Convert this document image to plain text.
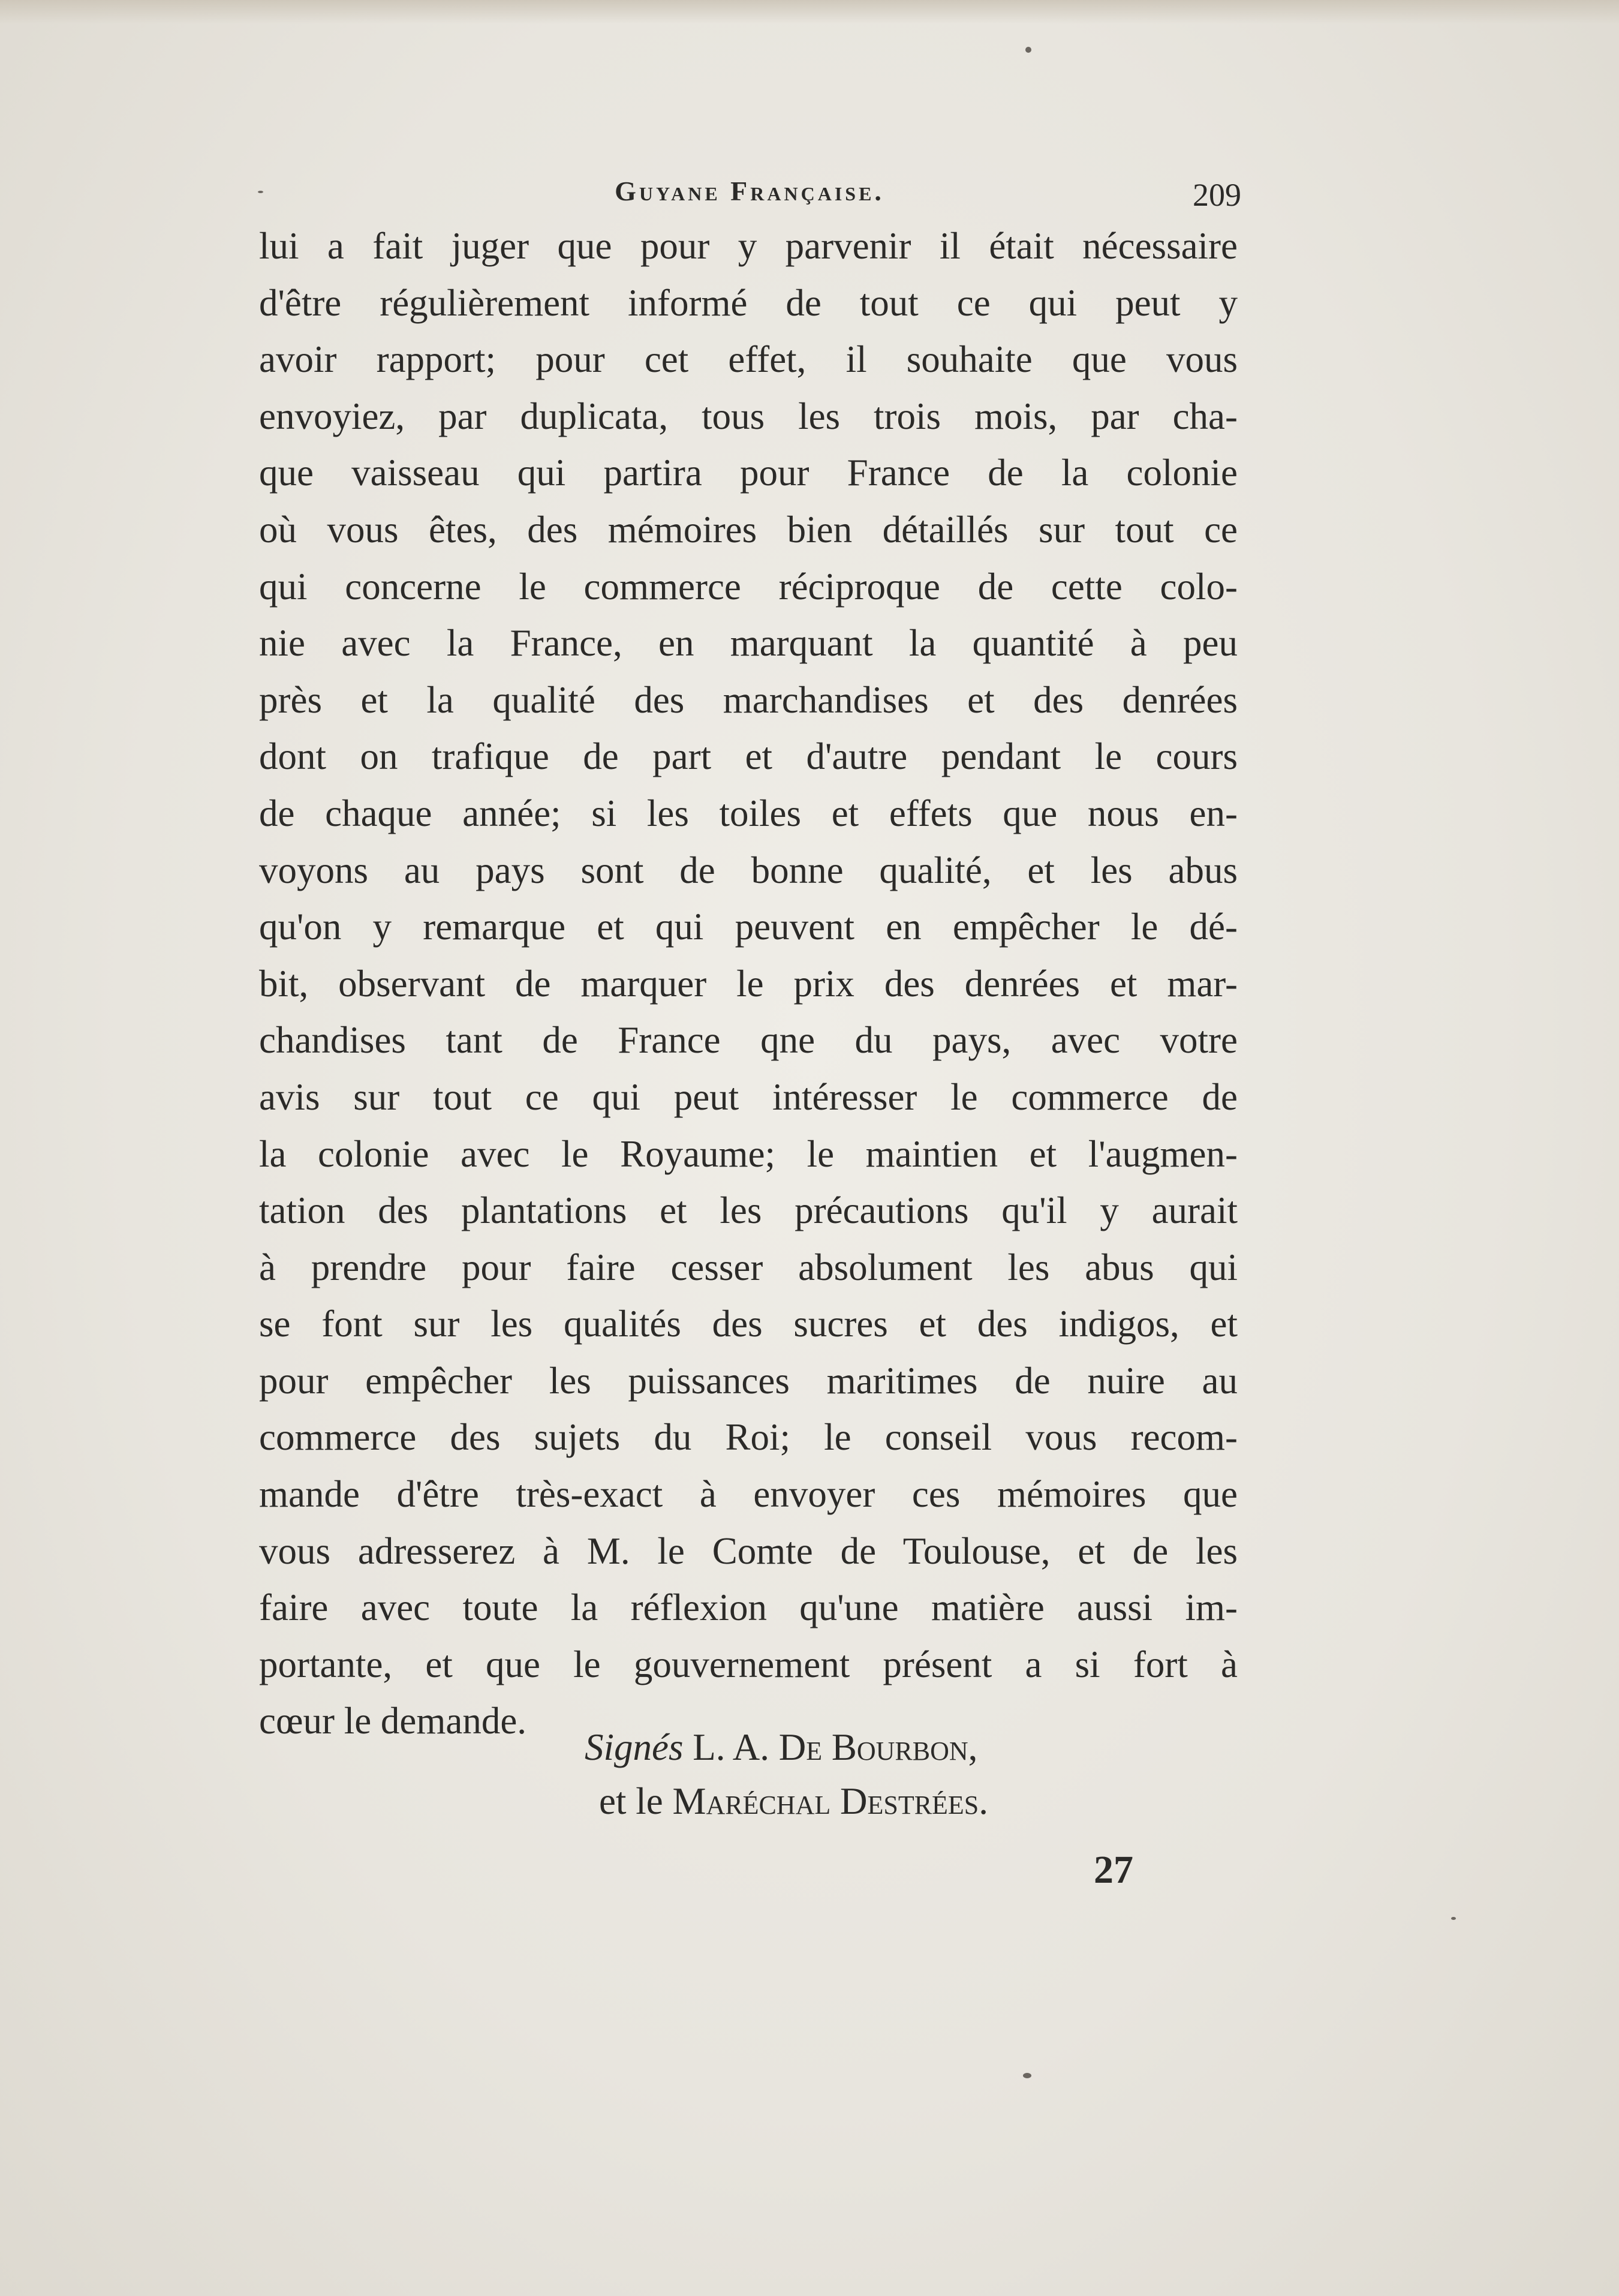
Guyane Française.	209
lui a fait juger que pour y parvenir il était nécessaire
d'être régulièrement informé de tout ce qui peut y
avoir rapport; pour cet effet, il souhaite que vous
envoyiez, par duplicata, tous les trois mois, par cha-
que vaisseau qui partira pour France de la colonie
où vous êtes, des mémoires bien détaillés sur tout ce
qui concerne le commerce réciproque de cette colo-
nie avec la France, en marquant la quantité à peu
près et la qualité des marchandises et des denrées
dont on trafique de part et d'autre pendant le cours
de chaque année; si les toiles et effets que nous en-
voyons au pays sont de bonne qualité, et les abus
qu'on y remarque et qui peuvent en empêcher le dé-
bit, observant de marquer le prix des denrées et mar-
chandises tant de France qne du pays, avec votre
avis sur tout ce qui peut intéresser le commerce de
la colonie avec le Royaume; le maintien et l'augmen-
tation des plantations et les précautions qu'il y aurait
à prendre pour faire cesser absolument les abus qui
se font sur les qualités des sucres et des indigos, et
pour empêcher les puissances maritimes de nuire au
commerce des sujets du Roi; le conseil vous recom-
mande d'être très-exact à envoyer ces mémoires que
vous adresserez à M. le Comte de Toulouse, et de les
faire avec toute la réflexion qu'une matière aussi im-
portante, et que le gouvernement présent a si fort à
cœur le demande.
Signés L. A. De Bourbon,
et le Maréchal Destrées.
27
